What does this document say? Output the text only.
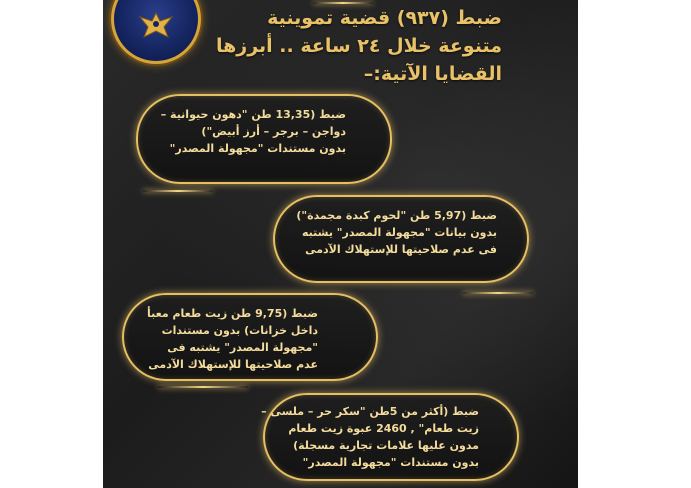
ضبط (٩٣٧) قضية تموينية
متنوعة خلال ٢٤ ساعة .. أبرزها
القضايا الآتية:–
ضبط (13,35 طن "دهون حيوانية –
دواجن – برجر – أرز أبيض")
بدون مستندات "مجهولة المصدر"
ضبط (5,97 طن "لحوم كبدة مجمدة")
بدون بيانات "مجهولة المصدر" يشتبه
فى عدم صلاحيتها للإستهلاك الآدمى
ضبط (9,75 طن زيت طعام معبأ
داخل خزانات) بدون مستندات
"مجهولة المصدر" يشتبه فى
عدم صلاحيتها للإستهلاك الآدمى
ضبط (أكثر من 5طن "سكر حر – ملسى –
زيت طعام" , 2460 عبوة زيت طعام
مدون عليها علامات تجارية مسجلة)
بدون مستندات "مجهولة المصدر"
